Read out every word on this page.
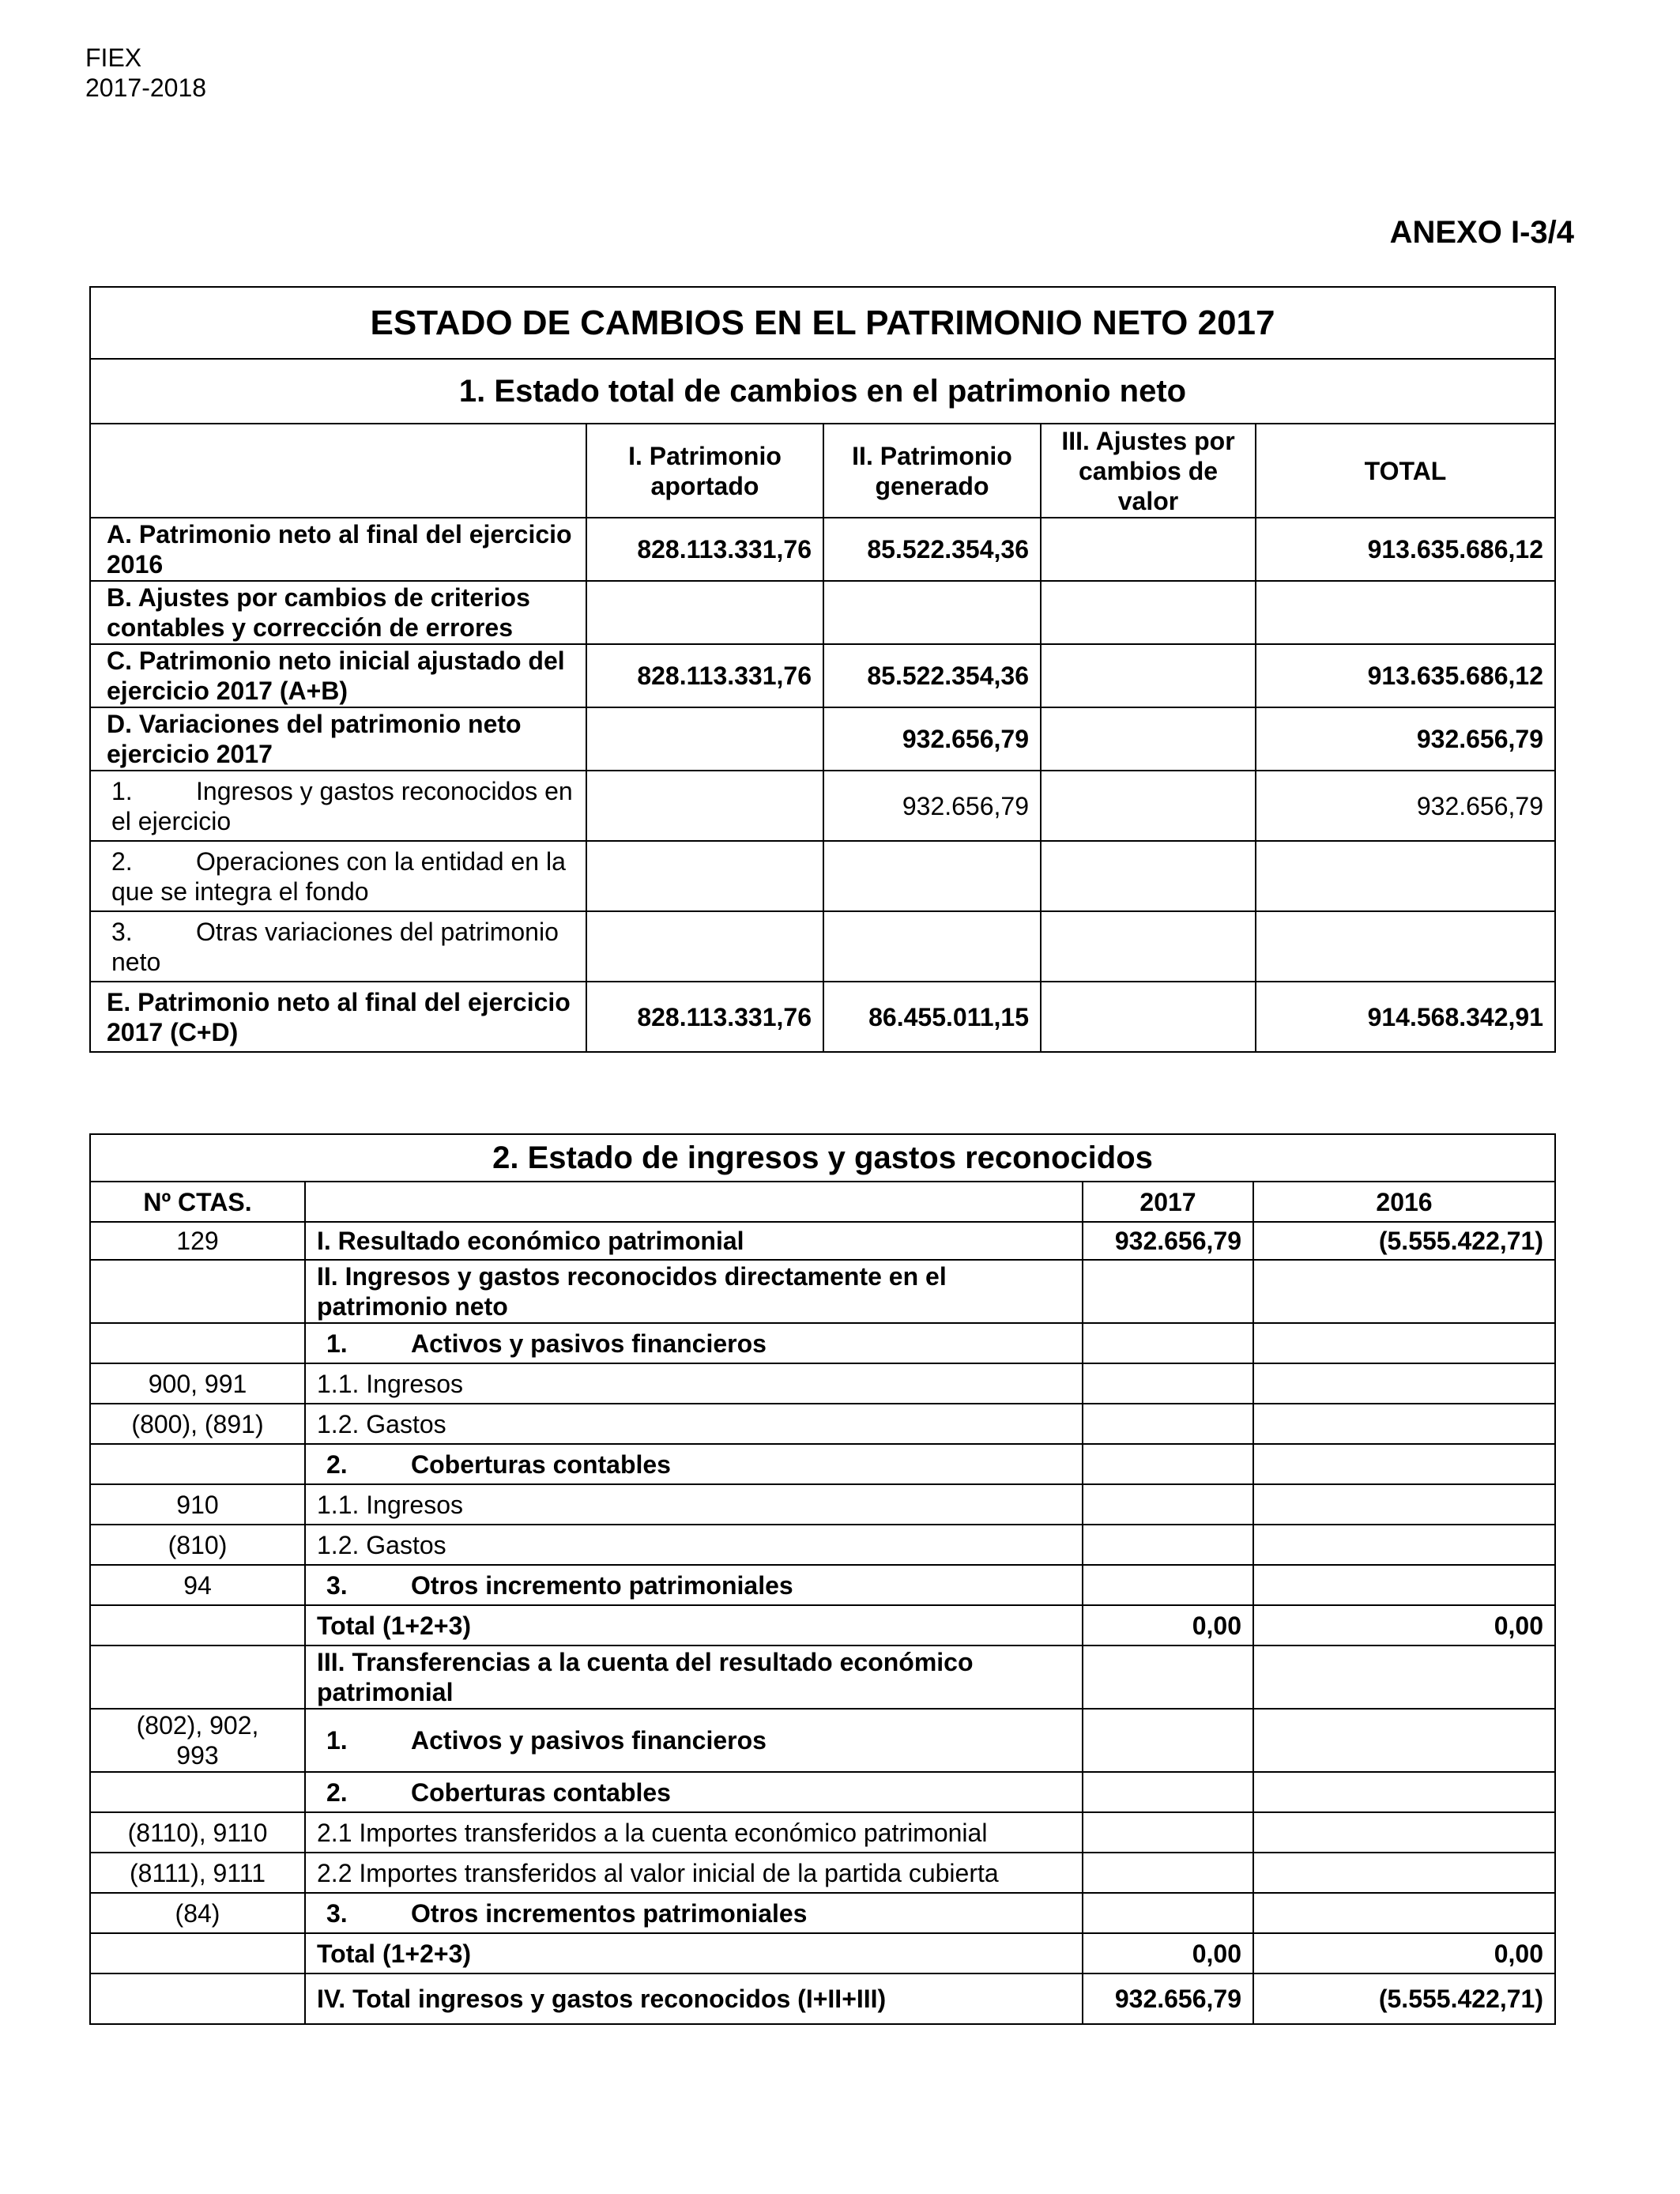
FIEX
2017-2018
ANEXO I-3/4
ESTADO DE CAMBIOS EN EL PATRIMONIO NETO 2017				
1. Estado total de cambios en el patrimonio neto				
	I. Patrimonio aportado	II. Patrimonio generado	III. Ajustes por cambios de valor	TOTAL
A. Patrimonio neto al final del ejercicio 2016	828.113.331,76	85.522.354,36		913.635.686,12
B. Ajustes por cambios de criterios contables y corrección de errores				
C. Patrimonio neto inicial ajustado del ejercicio 2017 (A+B)	828.113.331,76	85.522.354,36		913.635.686,12
D. Variaciones del patrimonio neto ejercicio 2017		932.656,79		932.656,79
1. Ingresos y gastos reconocidos en el ejercicio		932.656,79		932.656,79
2. Operaciones con la entidad en la que se integra el fondo				
3. Otras variaciones del patrimonio neto				
E. Patrimonio neto al final del ejercicio 2017 (C+D)	828.113.331,76	86.455.011,15		914.568.342,91
2. Estado de ingresos y gastos reconocidos			
Nº CTAS.		2017	2016
129	I. Resultado económico patrimonial	932.656,79	(5.555.422,71)
	II. Ingresos y gastos reconocidos directamente en el patrimonio neto		
	1. Activos y pasivos financieros		
900, 991	1.1. Ingresos		
(800), (891)	1.2. Gastos		
	2. Coberturas contables		
910	1.1. Ingresos		
(810)	1.2. Gastos		
94	3. Otros incremento patrimoniales		
	Total (1+2+3)	0,00	0,00
	III. Transferencias a la cuenta del resultado económico patrimonial		
(802), 902, 993	1. Activos y pasivos financieros		
	2. Coberturas contables		
(8110), 9110	2.1 Importes transferidos a la cuenta económico patrimonial		
(8111), 9111	2.2 Importes transferidos al valor inicial de la partida cubierta		
(84)	3. Otros incrementos patrimoniales		
	Total (1+2+3)	0,00	0,00
	IV. Total ingresos y gastos reconocidos (I+II+III)	932.656,79	(5.555.422,71)
